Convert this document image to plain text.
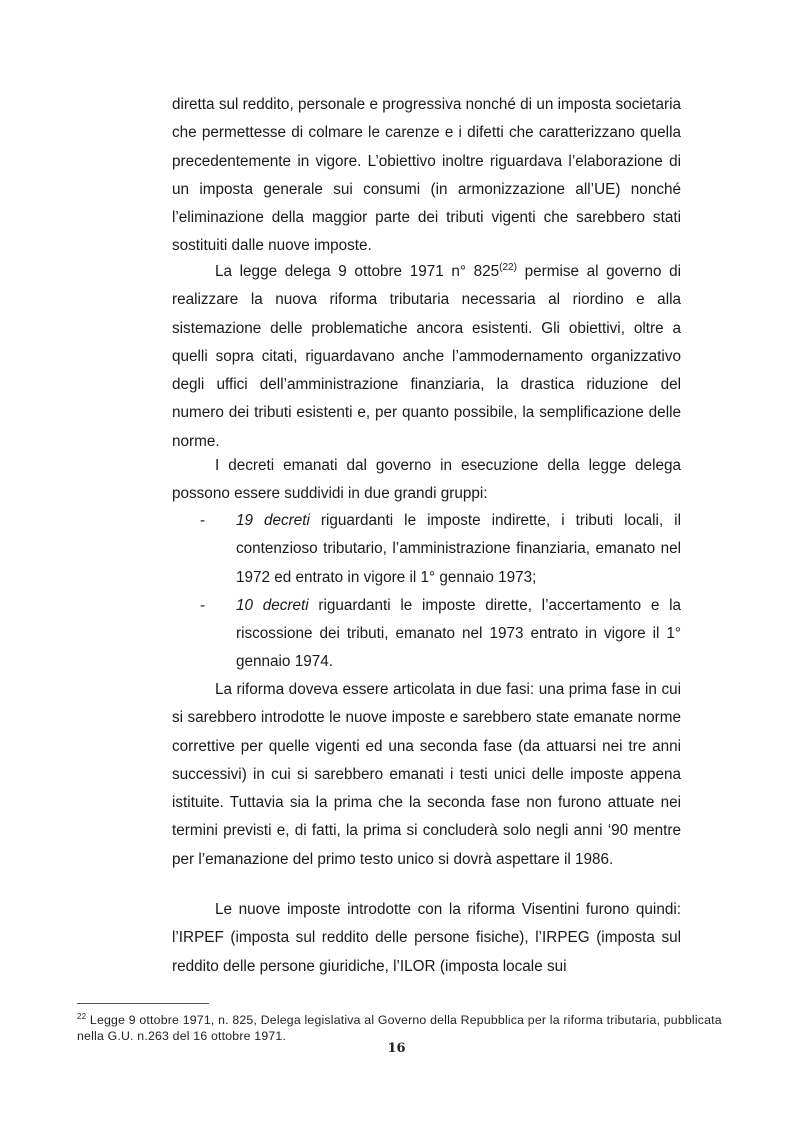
diretta sul reddito, personale e progressiva nonché di un imposta societaria che permettesse di colmare le carenze e i difetti che caratterizzano quella precedentemente in vigore. L’obiettivo inoltre riguardava l’elaborazione di un imposta generale sui consumi (in armonizzazione all’UE) nonché l’eliminazione della maggior parte dei tributi vigenti che sarebbero stati sostituiti dalle nuove imposte.

La legge delega 9 ottobre 1971 n° 825$^{(22)}$ permise al governo di realizzare la nuova riforma tributaria necessaria al riordino e alla sistemazione delle problematiche ancora esistenti. Gli obiettivi, oltre a quelli sopra citati, riguardavano anche l’ammodernamento organizzativo degli uffici dell’amministrazione finanziaria, la drastica riduzione del numero dei tributi esistenti e, per quanto possibile, la semplificazione delle norme.

I decreti emanati dal governo in esecuzione della legge delega possono essere suddividi in due grandi gruppi:

- 19 decreti riguardanti le imposte indirette, i tributi locali, il contenzioso tributario, l’amministrazione finanziaria, emanato nel 1972 ed entrato in vigore il 1° gennaio 1973;
- 10 decreti riguardanti le imposte dirette, l’accertamento e la riscossione dei tributi, emanato nel 1973 entrato in vigore il 1° gennaio 1974.

La riforma doveva essere articolata in due fasi: una prima fase in cui si sarebbero introdotte le nuove imposte e sarebbero state emanate norme correttive per quelle vigenti ed una seconda fase (da attuarsi nei tre anni successivi) in cui si sarebbero emanati i testi unici delle imposte appena istituite. Tuttavia sia la prima che la seconda fase non furono attuate nei termini previsti e, di fatti, la prima si concluderà solo negli anni ‘90 mentre per l’emanazione del primo testo unico si dovrà aspettare il 1986.

Le nuove imposte introdotte con la riforma Visentini furono quindi: l’IRPEF (imposta sul reddito delle persone fisiche), l’IRPEG (imposta sul reddito delle persone giuridiche, l’ILOR (imposta locale sui

$^{22}$ Legge 9 ottobre 1971, n. 825, Delega legislativa al Governo della Repubblica per la riforma tributaria, pubblicata nella G.U. n.263 del 16 ottobre 1971.
16
